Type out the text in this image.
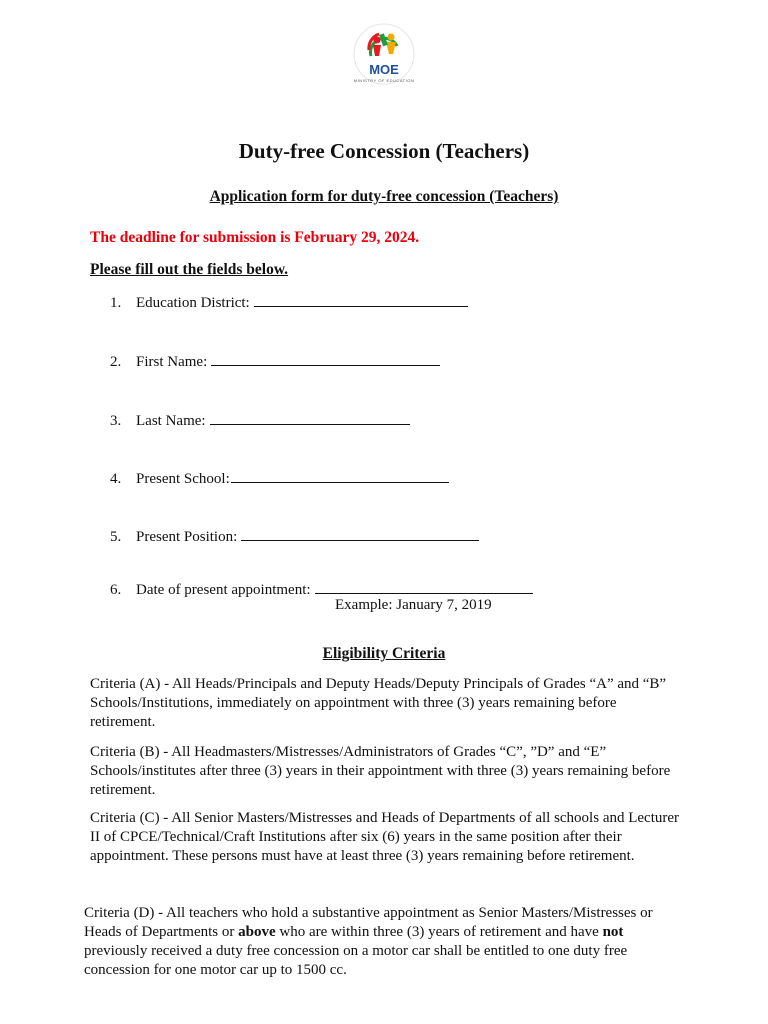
MOE
MINISTRY OF EDUCATION
Duty-free Concession (Teachers)
Application form for duty-free concession (Teachers)
The deadline for submission is February 29, 2024.
Please fill out the fields below.
1. Education District:
2. First Name:
3. Last Name:
4. Present School:
5. Present Position:
6. Date of present appointment:
Example: January 7, 2019
Eligibility Criteria

Criteria (A) - All Heads/Principals and Deputy Heads/Deputy Principals of Grades “A” and “B” Schools/Institutions, immediately on appointment with three (3) years remaining before retirement.

Criteria (B) - All Headmasters/Mistresses/Administrators of Grades “C”, ”D” and “E” Schools/institutes after three (3) years in their appointment with three (3) years remaining before retirement.

Criteria (C) - All Senior Masters/Mistresses and Heads of Departments of all schools and Lecturer II of CPCE/Technical/Craft Institutions after six (6) years in the same position after their appointment. These persons must have at least three (3) years remaining before retirement.

Criteria (D) - All teachers who hold a substantive appointment as Senior Masters/Mistresses or Heads of Departments or above who are within three (3) years of retirement and have not previously received a duty free concession on a motor car shall be entitled to one duty free concession for one motor car up to 1500 cc.
